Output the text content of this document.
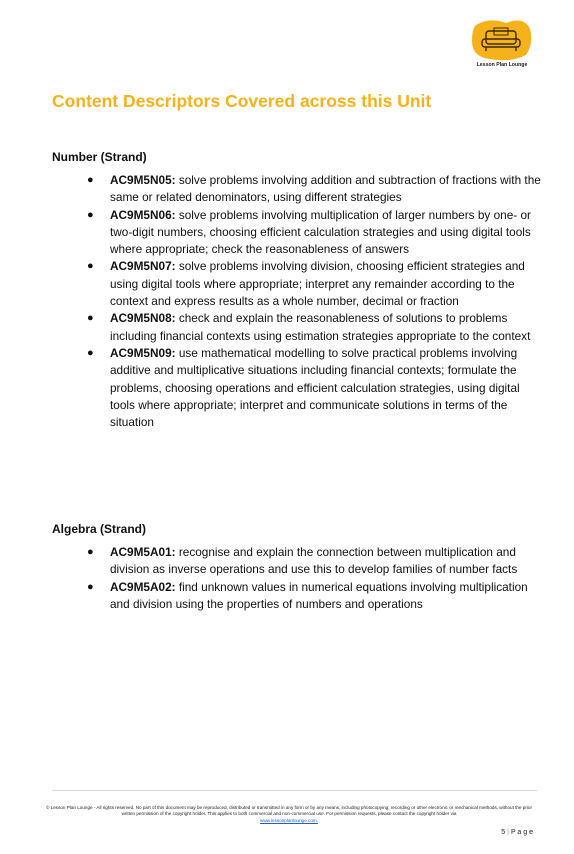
Lesson Plan Lounge
Content Descriptors Covered across this Unit
Number (Strand)
● AC9M5N05: solve problems involving addition and subtraction of fractions with the same or related denominators, using different strategies
● AC9M5N06: solve problems involving multiplication of larger numbers by one- or two-digit numbers, choosing efficient calculation strategies and using digital tools where appropriate; check the reasonableness of answers
● AC9M5N07: solve problems involving division, choosing efficient strategies and using digital tools where appropriate; interpret any remainder according to the context and express results as a whole number, decimal or fraction
● AC9M5N08: check and explain the reasonableness of solutions to problems including financial contexts using estimation strategies appropriate to the context
● AC9M5N09: use mathematical modelling to solve practical problems involving additive and multiplicative situations including financial contexts; formulate the problems, choosing operations and efficient calculation strategies, using digital tools where appropriate; interpret and communicate solutions in terms of the situation
Algebra (Strand)
● AC9M5A01: recognise and explain the connection between multiplication and division as inverse operations and use this to develop families of number facts
● AC9M5A02: find unknown values in numerical equations involving multiplication and division using the properties of numbers and operations
© Lesson Plan Lounge - All rights reserved. No part of this document may be reproduced, distributed or transmitted in any form or by any means, including photocopying, recording or other electronic or mechanical methods, without the prior written permission of the copyright holder. This applies to both commercial and non-commercial use. For permission requests, please contact the copyright holder via
www.lessonplanlounge.com.
5 | P a g e
